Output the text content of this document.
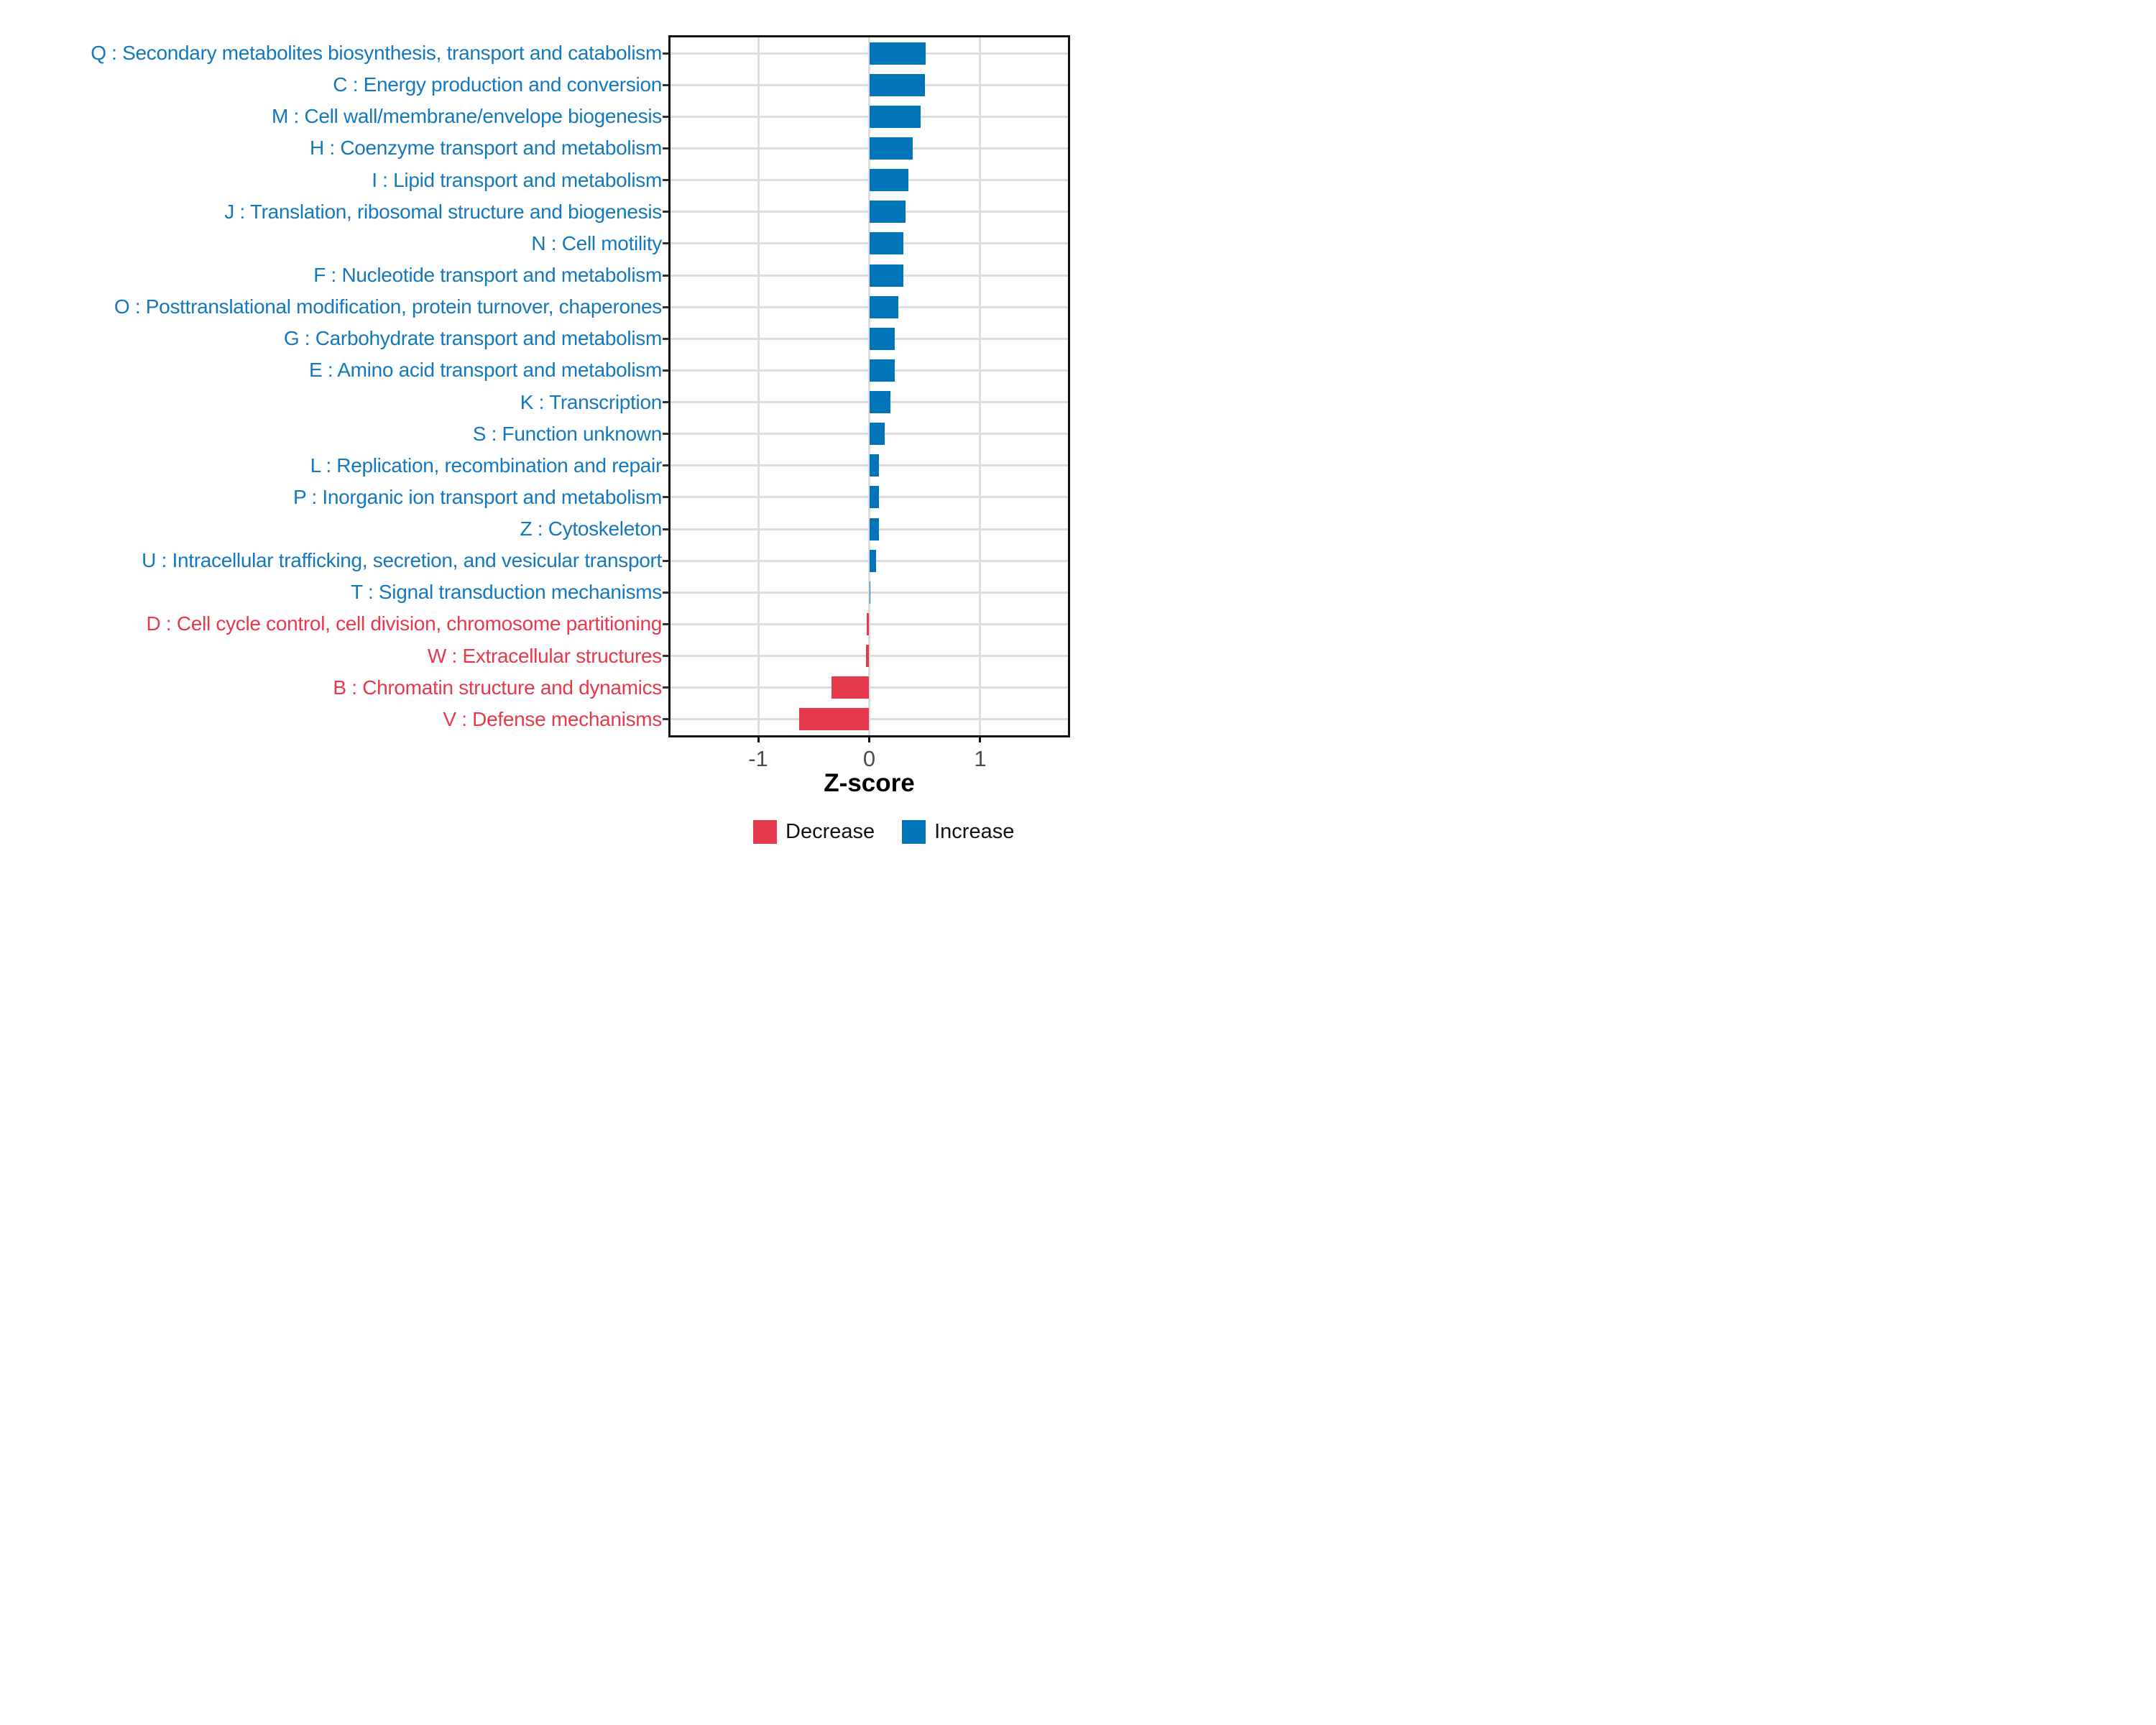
Q : Secondary metabolites biosynthesis, transport and catabolism
C : Energy production and conversion
M : Cell wall/membrane/envelope biogenesis
H : Coenzyme transport and metabolism
I : Lipid transport and metabolism
J : Translation, ribosomal structure and biogenesis
N : Cell motility
F : Nucleotide transport and metabolism
O : Posttranslational modification, protein turnover, chaperones
G : Carbohydrate transport and metabolism
E : Amino acid transport and metabolism
K : Transcription
S : Function unknown
L : Replication, recombination and repair
P : Inorganic ion transport and metabolism
Z : Cytoskeleton
U : Intracellular trafficking, secretion, and vesicular transport
T : Signal transduction mechanisms
D : Cell cycle control, cell division, chromosome partitioning
W : Extracellular structures
B : Chromatin structure and dynamics
V : Defense mechanisms
-1	0	1
Z-score
Decrease	Increase
